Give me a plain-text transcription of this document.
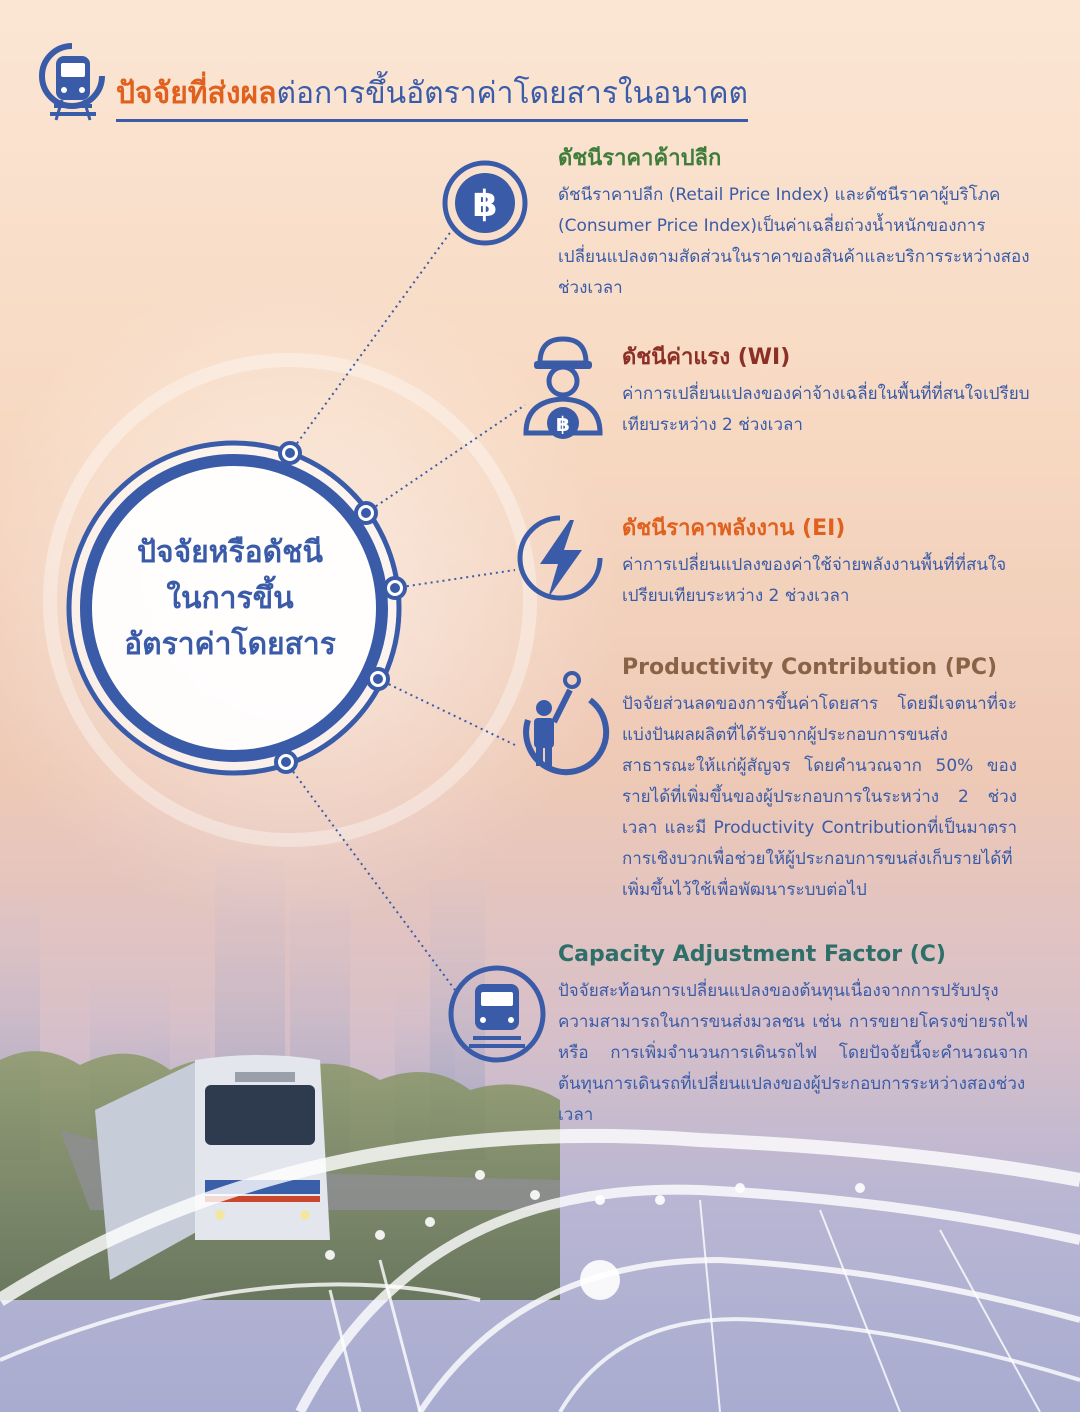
ปัจจัยที่ส่งผลต่อการขึ้นอัตราค่าโดยสารในอนาคต
ปัจจัยหรือดัชนี
ในการขึ้น
อัตราค่าโดยสาร
฿
ดัชนีราคาค้าปลีก
ดัชนีราคาปลีก (Retail Price Index) และดัชนีราคาผู้บริโภค (Consumer Price Index)เป็นค่าเฉลี่ยถ่วงน้ำหนักของการเปลี่ยนแปลงตามสัดส่วนในราคาของสินค้าและบริการระหว่างสองช่วงเวลา
฿
ดัชนีค่าแรง (WI)
ค่าการเปลี่ยนแปลงของค่าจ้างเฉลี่ยในพื้นที่ที่สนใจเปรียบเทียบระหว่าง 2 ช่วงเวลา
ดัชนีราคาพลังงาน (EI)
ค่าการเปลี่ยนแปลงของค่าใช้จ่ายพลังงานพื้นที่ที่สนใจเปรียบเทียบระหว่าง 2 ช่วงเวลา
Productivity Contribution (PC)
ปัจจัยส่วนลดของการขึ้นค่าโดยสาร โดยมีเจตนาที่จะแบ่งปันผลผลิตที่ได้รับจากผู้ประกอบการขนส่งสาธารณะให้แก่ผู้สัญจร โดยคำนวณจาก 50% ของรายได้ที่เพิ่มขึ้นของผู้ประกอบการในระหว่าง 2 ช่วงเวลา และมี Productivity Contributionที่เป็นมาตราการเชิงบวกเพื่อช่วยให้ผู้ประกอบการขนส่งเก็บรายได้ที่เพิ่มขึ้นไว้ใช้เพื่อพัฒนาระบบต่อไป
Capacity Adjustment Factor (C)
ปัจจัยสะท้อนการเปลี่ยนแปลงของต้นทุนเนื่องจากการปรับปรุงความสามารถในการขนส่งมวลชน เช่น การขยายโครงข่ายรถไฟ หรือ การเพิ่มจำนวนการเดินรถไฟ โดยปัจจัยนี้จะคำนวณจากต้นทุนการเดินรถที่เปลี่ยนแปลงของผู้ประกอบการระหว่างสองช่วงเวลา
